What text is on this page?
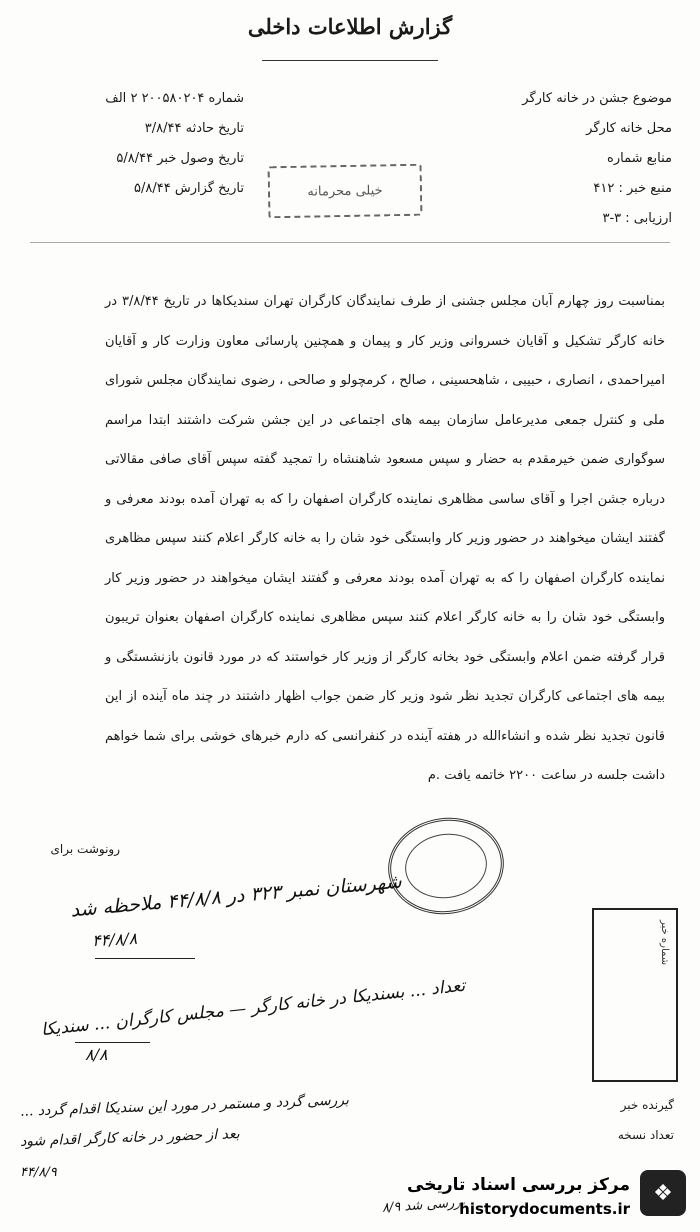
گزارش اطلاعات داخلی
موضوع جشن در خانه کارگر
محل خانه کارگر
منابع شماره
منبع خبر : ۴۱۲
ارزیابی : ۳-۳
شماره ۲۰۰۵۸۰۲۰۴ ۲ الف
تاریخ حادثه ۳/۸/۴۴
تاریخ وصول خبر ۵/۸/۴۴
تاریخ گزارش ۵/۸/۴۴	خیلی محرمانه
بمناسبت روز چهارم آبان مجلس جشنی از طرف نمایندگان کارگران تهران سندیکاها در تاریخ ۳/۸/۴۴ در خانه کارگر تشکیل و آقایان خسروانی وزیر کار و پیمان و همچنین پارسائی معاون وزارت کار و آقایان امیراحمدی ، انصاری ، حبیبی ، شاهحسینی ، صالح ، کرمچولو و صالحی ، رضوی نمایندگان مجلس شورای ملی و کنترل جمعی مدیرعامل سازمان بیمه های اجتماعی در این جشن شرکت داشتند ابتدا مراسم سوگواری ضمن خیرمقدم به حضار و سپس مسعود شاهنشاه را تمجید گفته سپس آقای صافی مقالاتی درباره جشن اجرا و آقای ساسی مظاهری نماینده کارگران اصفهان را که به تهران آمده بودند معرفی و گفتند ایشان میخواهند در حضور وزیر کار وابستگی خود شان را به خانه کارگر اعلام کنند سپس مظاهری نماینده کارگران اصفهان را که به تهران آمده بودند معرفی و گفتند ایشان میخواهند در حضور وزیر کار وابستگی خود شان را به خانه کارگر اعلام کنند سپس مظاهری نماینده کارگران اصفهان بعنوان تریبون قرار گرفته ضمن اعلام وابستگی خود بخانه کارگر از وزیر کار خواستند که در مورد قانون بازنشستگی و بیمه های اجتماعی کارگران تجدید نظر شود وزیر کار ضمن جواب اظهار داشتند در چند ماه آینده از این قانون تجدید نظر شده و انشاءالله در هفته آینده در کنفرانسی که دارم خبرهای خوشی برای شما خواهم داشت جلسه در ساعت ۲۲۰۰ خاتمه یافت .م
رونوشت برای
شهرستان نمبر ۳۲۳ در ۴۴/۸/۸ ملاحظه شد
۴۴/۸/۸
تعداد ... بسندیکا در خانه کارگر — مجلس کارگران ... سندیکا
۸/۸
بررسی گردد و مستمر در مورد این سندیکا اقدام گردد ...
بعد از حضور در خانه کارگر اقدام شود
۴۴/۸/۹
بررسی شد ۸/۹
شماره خبر
گیرنده خبر
تعداد نسخه
❖
مرکز بررسی اسناد تاریخی
historydocuments.ir
